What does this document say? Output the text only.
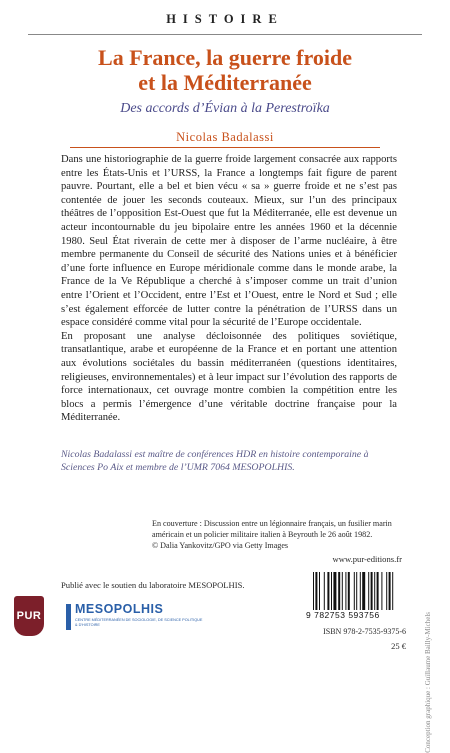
HISTOIRE
La France, la guerre froide
et la Méditerranée
Des accords d’Évian à la Perestroïka
Nicolas Badalassi

Dans une historiographie de la guerre froide largement consacrée aux rapports entre les États-Unis et l’URSS, la France a longtemps fait figure de parent pauvre. Pourtant, elle a bel et bien vécu « sa » guerre froide et ne s’est pas contentée de jouer les seconds couteaux. Mieux, sur l’un des principaux théâtres de l’opposition Est-Ouest que fut la Méditerranée, elle est devenue un acteur incontournable du jeu bipolaire entre les années 1960 et la décennie 1980. Seul État riverain de cette mer à disposer de l’arme nucléaire, à être membre permanente du Conseil de sécurité des Nations unies et à bénéficier d’une forte influence en Europe méridionale comme dans le monde arabe, la France de la Ve République a cherché à s’imposer comme un trait d’union entre l’Orient et l’Occident, entre l’Est et l’Ouest, entre le Nord et Sud ; elle s’est également efforcée de lutter contre la pénétration de l’URSS dans un espace considéré comme vital pour la sécurité de l’Europe occidentale.

En proposant une analyse décloisonnée des politiques soviétique, transatlantique, arabe et européenne de la France et en portant une attention aux évolutions sociétales du bassin méditerranéen (questions identitaires, religieuses, environnementales) et à leur impact sur l’évolution des rapports de force internationaux, cet ouvrage montre combien la compétition entre les blocs a permis l’émergence d’une véritable doctrine française pour la Méditerranée.

Nicolas Badalassi est maître de conférences HDR en histoire contemporaine à Sciences Po Aix et membre de l’UMR 7064 MESOPOLHIS.
En couverture : Discussion entre un légionnaire français, un fusilier marin
américain et un policier militaire italien à Beyrouth le 26 août 1982.
© Dalia Yankovitz/GPO via Getty Images
www.pur-editions.fr
Conception graphique : Guillaume Bailly-Michels
Publié avec le soutien du laboratoire MESOPOLHIS.
PUR	MESOPOLHIS
CENTRE MÉDITERRANÉEN DE SOCIOLOGIE, DE SCIENCE POLITIQUE & D'HISTOIRE
9 782753 593756
ISBN 978-2-7535-9375-6
25 €
